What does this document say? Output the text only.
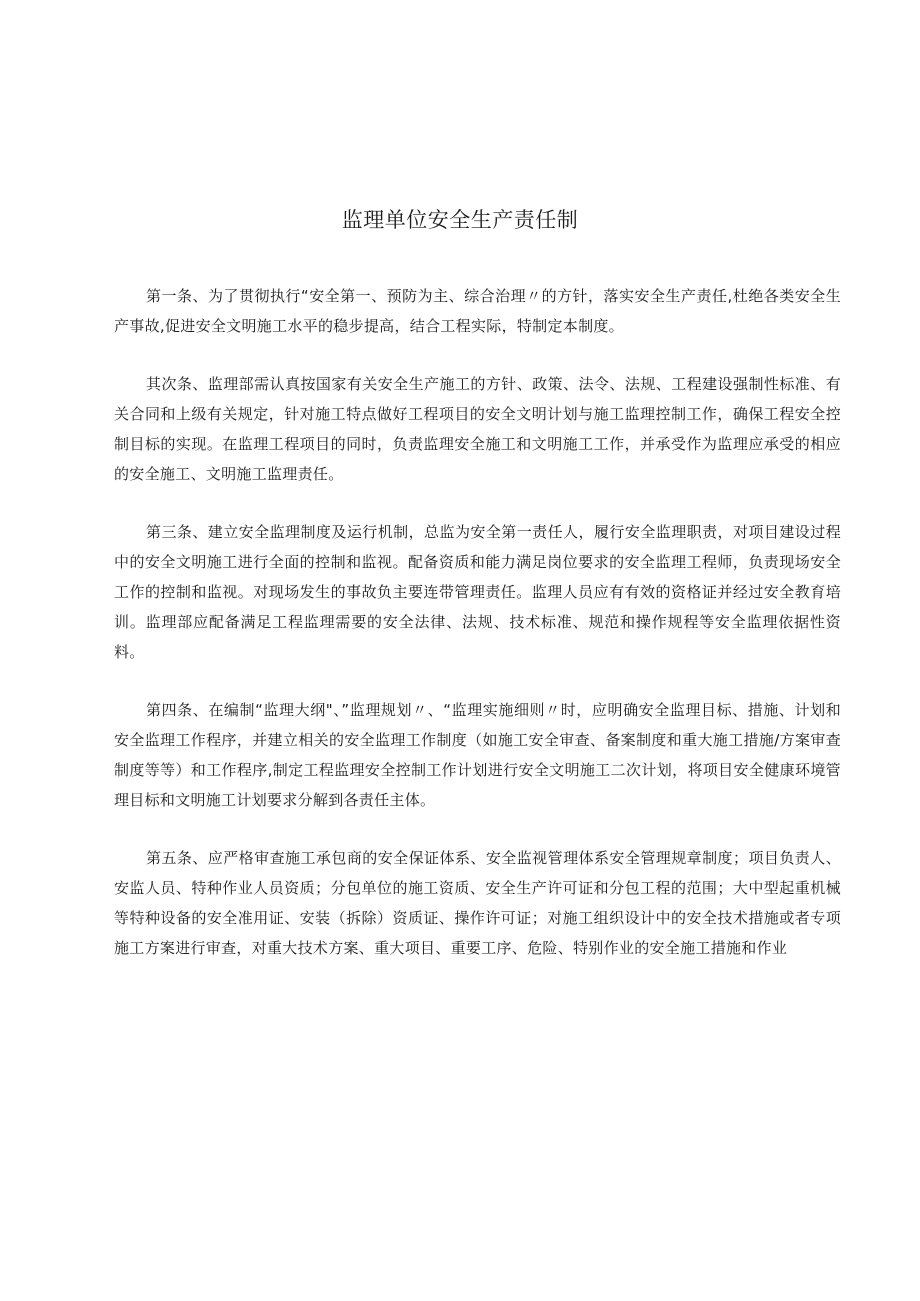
监理单位安全生产责任制

第一条、为了贯彻执行“安全第一、预防为主、综合治理〃的方针，落实安全生产责任,杜绝各类安全生产事故,促进安全文明施工水平的稳步提高，结合工程实际，特制定本制度。

其次条、监理部需认真按国家有关安全生产施工的方针、政策、法令、法规、工程建设强制性标准、有关合同和上级有关规定，针对施工特点做好工程项目的安全文明计划与施工监理控制工作，确保工程安全控制目标的实现。在监理工程项目的同时，负责监理安全施工和文明施工工作，并承受作为监理应承受的相应的安全施工、文明施工监理责任。

第三条、建立安全监理制度及运行机制，总监为安全第一责任人，履行安全监理职责，对项目建设过程中的安全文明施工进行全面的控制和监视。配备资质和能力满足岗位要求的安全监理工程师，负责现场安全工作的控制和监视。对现场发生的事故负主要连带管理责任。监理人员应有有效的资格证并经过安全教育培训。监理部应配备满足工程监理需要的安全法律、法规、技术标准、规范和操作规程等安全监理依据性资料。

第四条、在编制“监理大纲"、”监理规划〃、“监理实施细则〃时，应明确安全监理目标、措施、计划和安全监理工作程序，并建立相关的安全监理工作制度（如施工安全审查、备案制度和重大施工措施/方案审查制度等等）和工作程序,制定工程监理安全控制工作计划进行安全文明施工二次计划，将项目安全健康环境管理目标和文明施工计划要求分解到各责任主体。

第五条、应严格审查施工承包商的安全保证体系、安全监视管理体系安全管理规章制度；项目负责人、安监人员、特种作业人员资质；分包单位的施工资质、安全生产许可证和分包工程的范围；大中型起重机械等特种设备的安全准用证、安装（拆除）资质证、操作许可证；对施工组织设计中的安全技术措施或者专项施工方案进行审查，对重大技术方案、重大项目、重要工序、危险、特别作业的安全施工措施和作业
